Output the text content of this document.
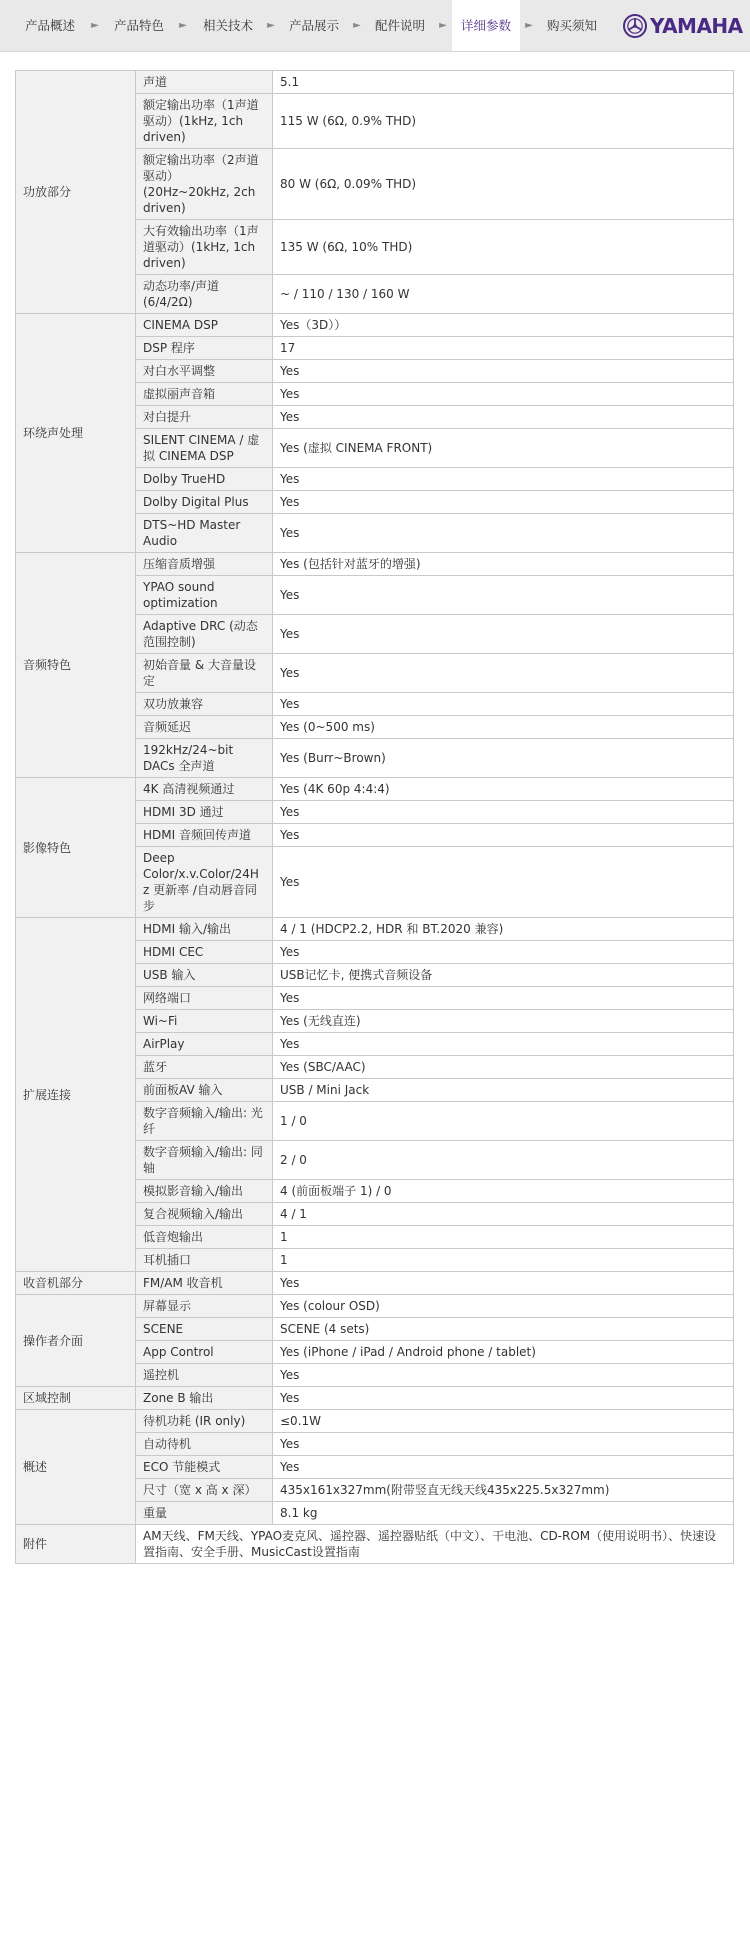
产品概述	►	产品特色	►	相关技术	►	产品展示	►	配件说明	►	详细参数	►	购买须知	YAMAHA
功放部分	声道	5.1
	额定输出功率（1声道驱动）(1kHz, 1ch driven)	115 W (6Ω, 0.9% THD)
	额定输出功率（2声道驱动）(20Hz~20kHz, 2ch driven)	80 W (6Ω, 0.09% THD)
	大有效输出功率（1声道驱动）(1kHz, 1ch driven)	135 W (6Ω, 10% THD)
	动态功率/声道 (6/4/2Ω)	~ / 110 / 130 / 160 W
环绕声处理	CINEMA DSP	Yes（3D））
	DSP 程序	17
	对白水平调整	Yes
	虚拟丽声音箱	Yes
	对白提升	Yes
	SILENT CINEMA / 虚拟 CINEMA DSP	Yes (虚拟 CINEMA FRONT)
	Dolby TrueHD	Yes
	Dolby Digital Plus	Yes
	DTS~HD Master Audio	Yes
音频特色	压缩音质增强	Yes (包括针对蓝牙的增强)
	YPAO sound optimization	Yes
	Adaptive DRC (动态范围控制)	Yes
	初始音量 & 大音量设定	Yes
	双功放兼容	Yes
	音频延迟	Yes (0~500 ms)
	192kHz/24~bit DACs 全声道	Yes (Burr~Brown)
影像特色	4K 高清视频通过	Yes (4K 60p 4:4:4)
	HDMI 3D 通过	Yes
	HDMI 音频回传声道	Yes
	Deep Color/x.v.Color/24Hz 更新率 /自动唇音同步	Yes
扩展连接	HDMI 输入/输出	4 / 1 (HDCP2.2, HDR 和 BT.2020 兼容)
	HDMI CEC	Yes
	USB 输入	USB记忆卡, 便携式音频设备
	网络端口	Yes
	Wi~Fi	Yes (无线直连)
	AirPlay	Yes
	蓝牙	Yes (SBC/AAC)
	前面板AV 输入	USB / Mini Jack
	数字音频输入/输出: 光纤	1 / 0
	数字音频输入/输出: 同轴	2 / 0
	模拟影音输入/输出	4 (前面板端子 1) / 0
	复合视频输入/输出	4 / 1
	低音炮输出	1
	耳机插口	1
收音机部分	FM/AM 收音机	Yes
操作者介面	屏幕显示	Yes (colour OSD)
	SCENE	SCENE (4 sets)
	App Control	Yes (iPhone / iPad / Android phone / tablet)
	遥控机	Yes
区域控制	Zone B 输出	Yes
概述	待机功耗 (IR only)	≤0.1W
	自动待机	Yes
	ECO 节能模式	Yes
	尺寸（宽 x 高 x 深）	435x161x327mm(附带竖直无线天线435x225.5x327mm)
	重量	8.1 kg
附件	AM天线、FM天线、YPAO麦克风、遥控器、遥控器贴纸（中文）、干电池、CD-ROM（使用说明书）、快速设置指南、安全手册、MusicCast设置指南	
